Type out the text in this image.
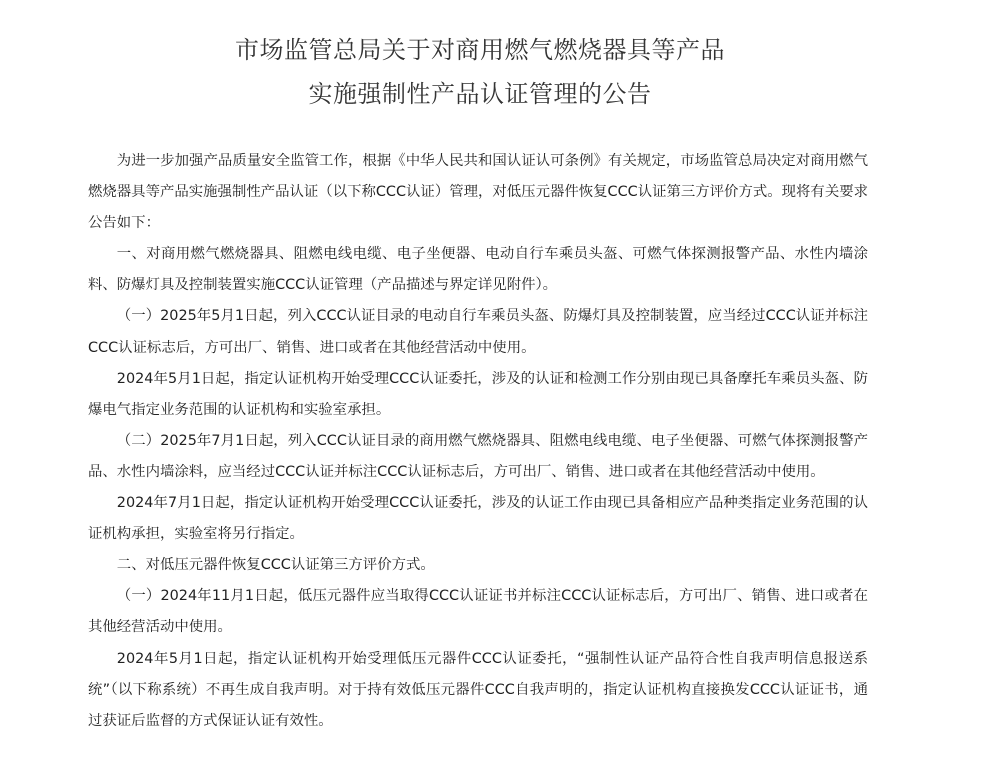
市场监管总局关于对商用燃气燃烧器具等产品
实施强制性产品认证管理的公告

为进一步加强产品质量安全监管工作，根据《中华人民共和国认证认可条例》有关规定，市场监管总局决定对商用燃气燃烧器具等产品实施强制性产品认证（以下称CCC认证）管理，对低压元器件恢复CCC认证第三方评价方式。现将有关要求公告如下：

一、对商用燃气燃烧器具、阻燃电线电缆、电子坐便器、电动自行车乘员头盔、可燃气体探测报警产品、水性内墙涂料、防爆灯具及控制装置实施CCC认证管理（产品描述与界定详见附件）。

（一）2025年5月1日起，列入CCC认证目录的电动自行车乘员头盔、防爆灯具及控制装置，应当经过CCC认证并标注CCC认证标志后，方可出厂、销售、进口或者在其他经营活动中使用。

2024年5月1日起，指定认证机构开始受理CCC认证委托，涉及的认证和检测工作分别由现已具备摩托车乘员头盔、防爆电气指定业务范围的认证机构和实验室承担。

（二）2025年7月1日起，列入CCC认证目录的商用燃气燃烧器具、阻燃电线电缆、电子坐便器、可燃气体探测报警产品、水性内墙涂料，应当经过CCC认证并标注CCC认证标志后，方可出厂、销售、进口或者在其他经营活动中使用。

2024年7月1日起，指定认证机构开始受理CCC认证委托，涉及的认证工作由现已具备相应产品种类指定业务范围的认证机构承担，实验室将另行指定。

二、对低压元器件恢复CCC认证第三方评价方式。

（一）2024年11月1日起，低压元器件应当取得CCC认证证书并标注CCC认证标志后，方可出厂、销售、进口或者在其他经营活动中使用。

2024年5月1日起，指定认证机构开始受理低压元器件CCC认证委托，“强制性认证产品符合性自我声明信息报送系统”（以下称系统）不再生成自我声明。对于持有效低压元器件CCC自我声明的，指定认证机构直接换发CCC认证证书，通过获证后监督的方式保证认证有效性。
